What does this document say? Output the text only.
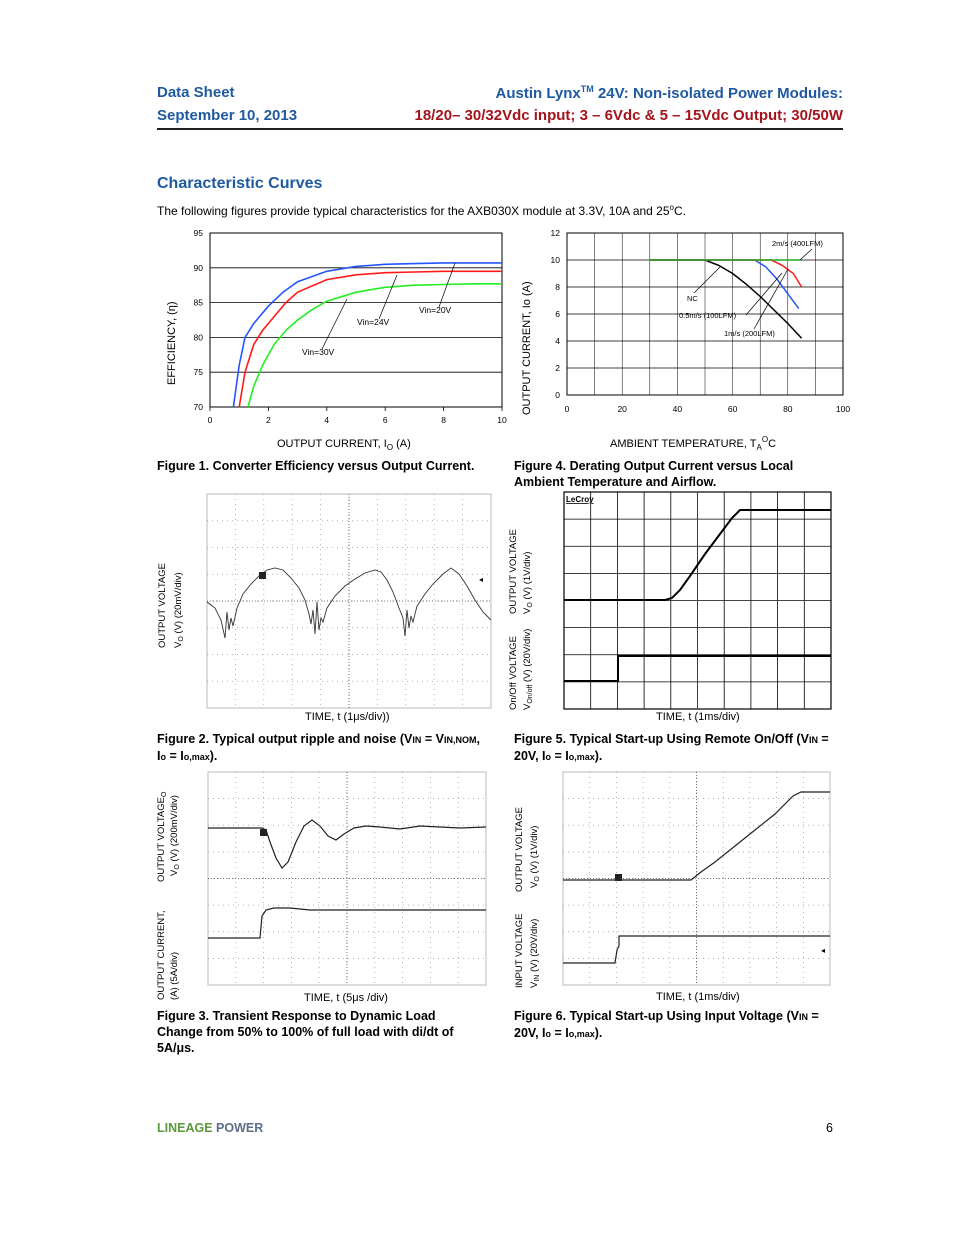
Data Sheet
September 10, 2013
Austin Lynx™ 24V: Non-isolated Power Modules:
18/20– 30/32Vdc input; 3 – 6Vdc & 5 – 15Vdc Output; 30/50W
Characteristic Curves
The following figures provide typical characteristics for the AXB030X module at 3.3V, 10A and 25$^o$C.
70
75
80
85
90
95
0	2	4	6	8	10
Vin=20V
Vin=24V
Vin=30V
EFFICIENCY, (η)
OUTPUT CURRENT, $I_O$ (A)
Figure 1. Converter Efficiency versus Output Current.
0
2
4
6
8
10
12
0	20	40	60	80	100
2m/s (400LFM)
NC
0.5m/s (100LFM)
1m/s (200LFM)
OUTPUT CURRENT, Io (A)
AMBIENT TEMPERATURE, $T_A^OC$
Figure 4. Derating Output Current versus Local
Ambient Temperature and Airflow.
◂
OUTPUT VOLTAGE $V_O$ (V) (20mV/div)
TIME, t (1μs/div))
Figure 2. Typical output ripple and noise (VIN = VIN,NOM,
Io = Io,max).
LeCroy
OUTPUT VOLTAGE $V_O$ (V) (1V/div)
On/Off VOLTAGE $V_{On/off}$ (V) (20V/div)
TIME, t (1ms/div)
Figure 5. Typical Start-up Using Remote On/Off (VIN =
20V, Io = Io,max).
OUTPUT $VOLTAGE_O$
$V_O$ (V) (200mV/div)
OUTPUT CURRENT, (A) (5A/div)	TIME, t (5μs /div)
Figure 3. Transient Response to Dynamic Load
Change from 50% to 100% of full load with di/dt of
5A/μs.
◂
OUTPUT VOLTAGE $V_O$ (V) (1V/div)
INPUT VOLTAGE $V_{IN}$ (V) (20V/div)
TIME, t (1ms/div)
Figure 6. Typical Start-up Using Input Voltage (VIN =
20V, Io = Io,max).
LINEAGE POWER	6
